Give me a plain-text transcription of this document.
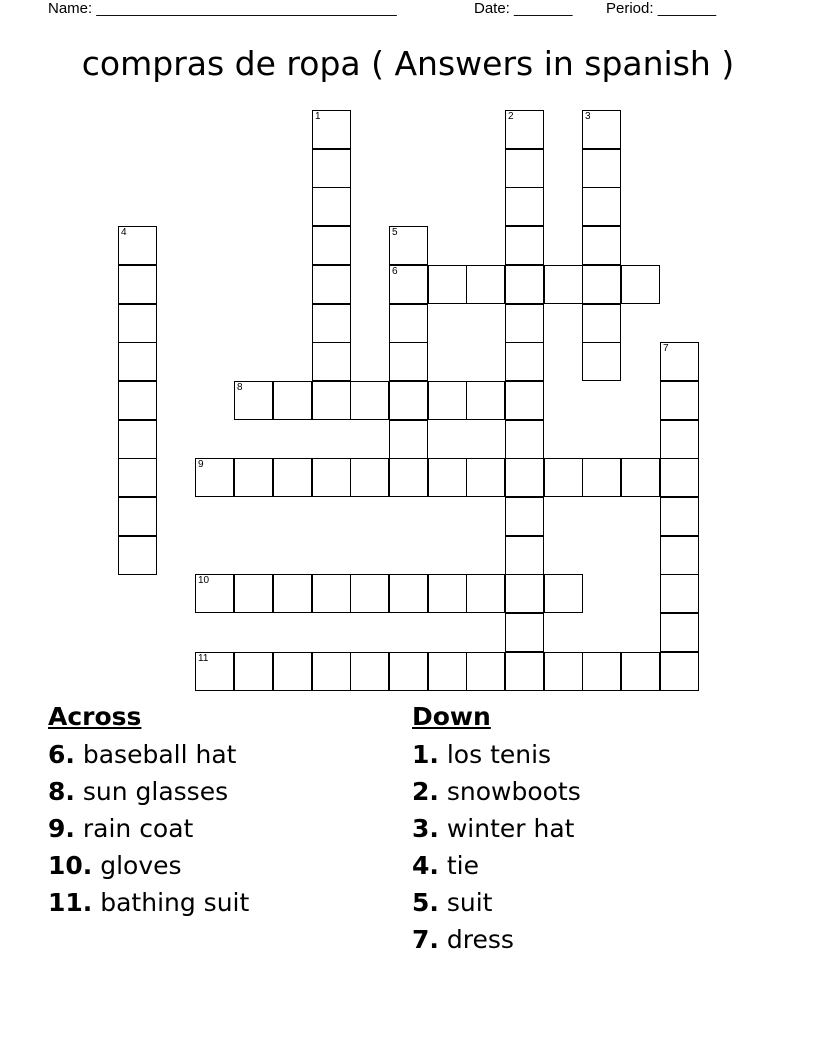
Name: ____________________________________	Date: _______ Period: _______
compras de ropa ( Answers in spanish )
1	2	3
4	5
6
7
8
9
10
11
Across
6. baseball hat
8. sun glasses
9. rain coat
10. gloves
11. bathing suit
Down
1. los tenis
2. snowboots
3. winter hat
4. tie
5. suit
7. dress
